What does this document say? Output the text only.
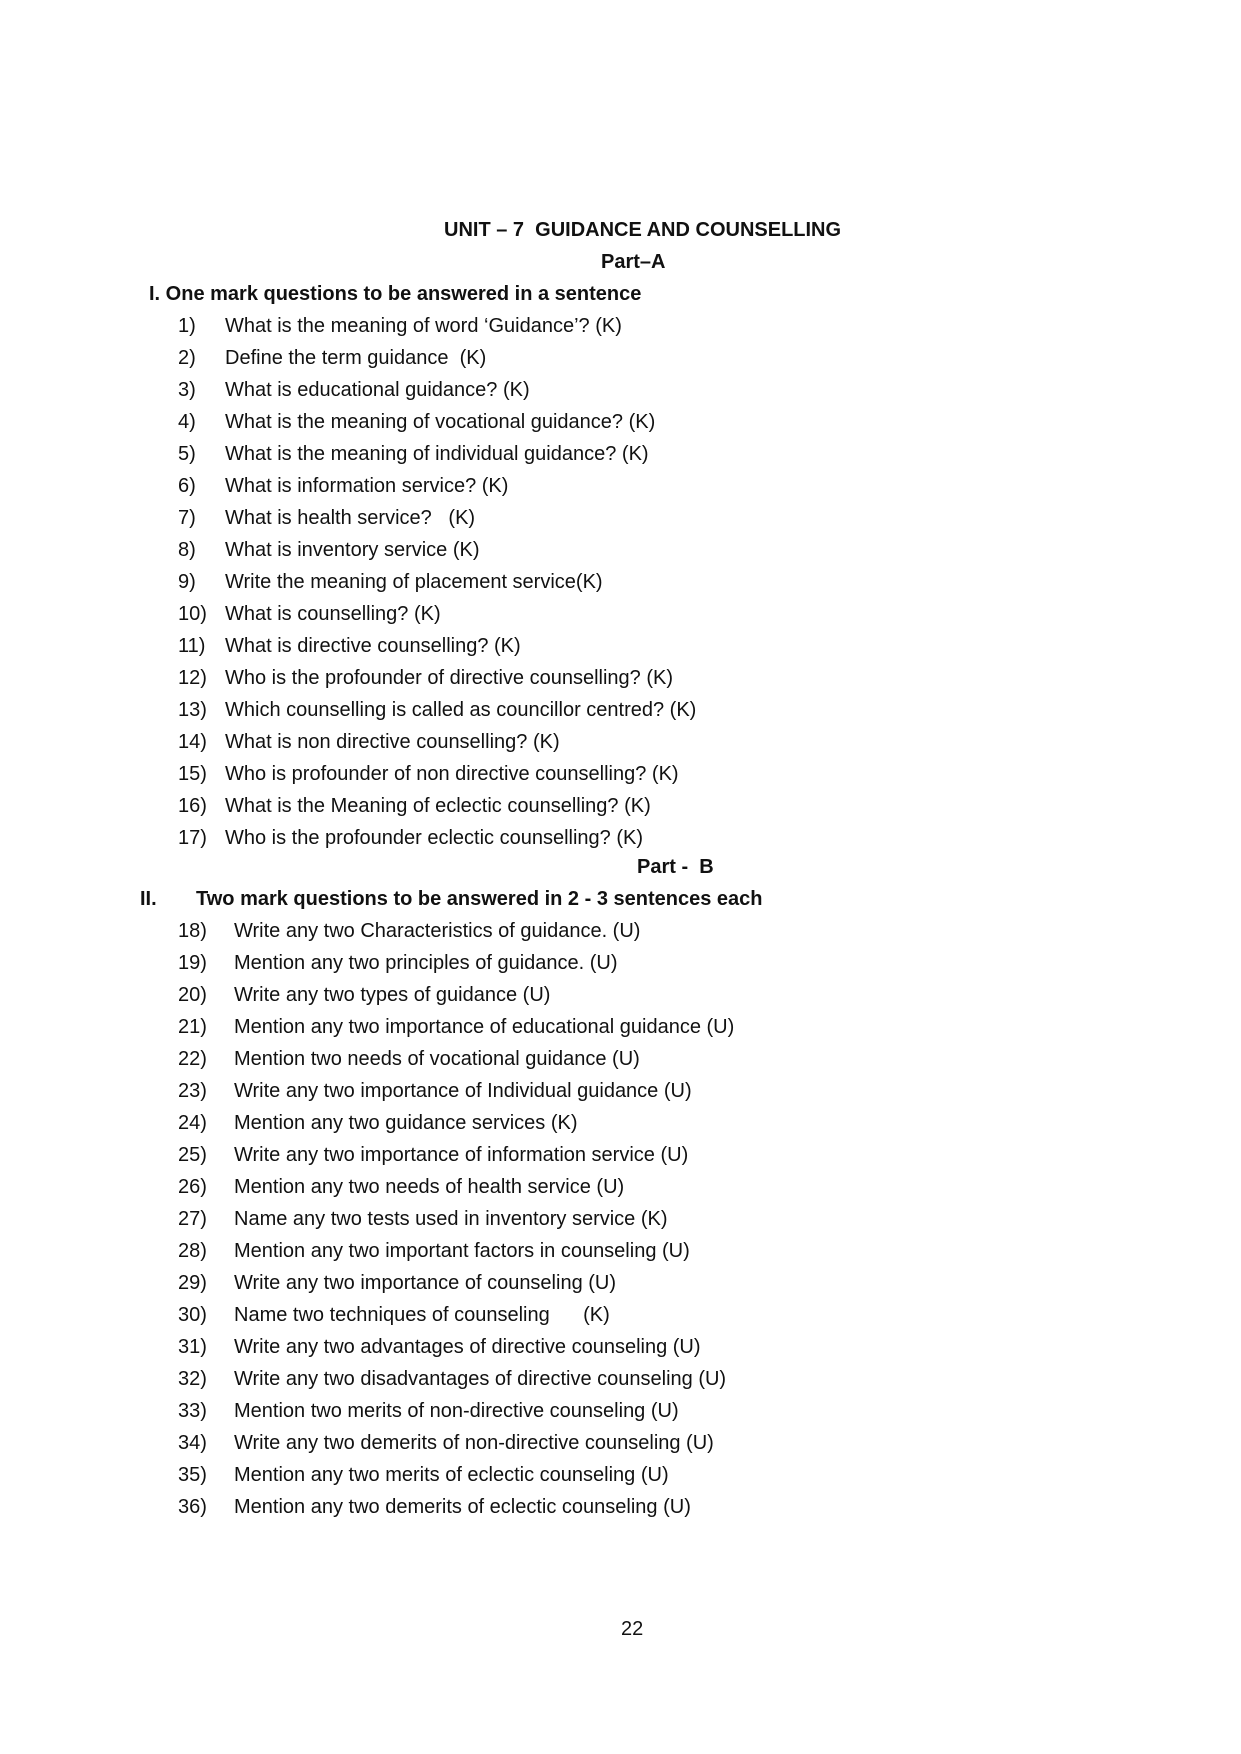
UNIT – 7  GUIDANCE AND COUNSELLING
Part–A
I. One mark questions to be answered in a sentence
1) What is the meaning of word ‘Guidance’? (K)
2) Define the term guidance  (K)
3) What is educational guidance? (K)
4) What is the meaning of vocational guidance? (K)
5) What is the meaning of individual guidance? (K)
6) What is information service? (K)
7) What is health service?   (K)
8) What is inventory service (K)
9) Write the meaning of placement service(K)
10) What is counselling? (K)
11) What is directive counselling? (K)
12) Who is the profounder of directive counselling? (K)
13) Which counselling is called as councillor centred? (K)
14) What is non directive counselling? (K)
15) Who is profounder of non directive counselling? (K)
16) What is the Meaning of eclectic counselling? (K)
17) Who is the profounder eclectic counselling? (K)
Part -  B
II. Two mark questions to be answered in 2 - 3 sentences each
18) Write any two Characteristics of guidance. (U)
19) Mention any two principles of guidance. (U)
20) Write any two types of guidance (U)
21) Mention any two importance of educational guidance (U)
22) Mention two needs of vocational guidance (U)
23) Write any two importance of Individual guidance (U)
24) Mention any two guidance services (K)
25) Write any two importance of information service (U)
26) Mention any two needs of health service (U)
27) Name any two tests used in inventory service (K)
28) Mention any two important factors in counseling (U)
29) Write any two importance of counseling (U)
30) Name two techniques of counseling      (K)
31) Write any two advantages of directive counseling (U)
32) Write any two disadvantages of directive counseling (U)
33) Mention two merits of non-directive counseling (U)
34) Write any two demerits of non-directive counseling (U)
35) Mention any two merits of eclectic counseling (U)
36) Mention any two demerits of eclectic counseling (U)
22
